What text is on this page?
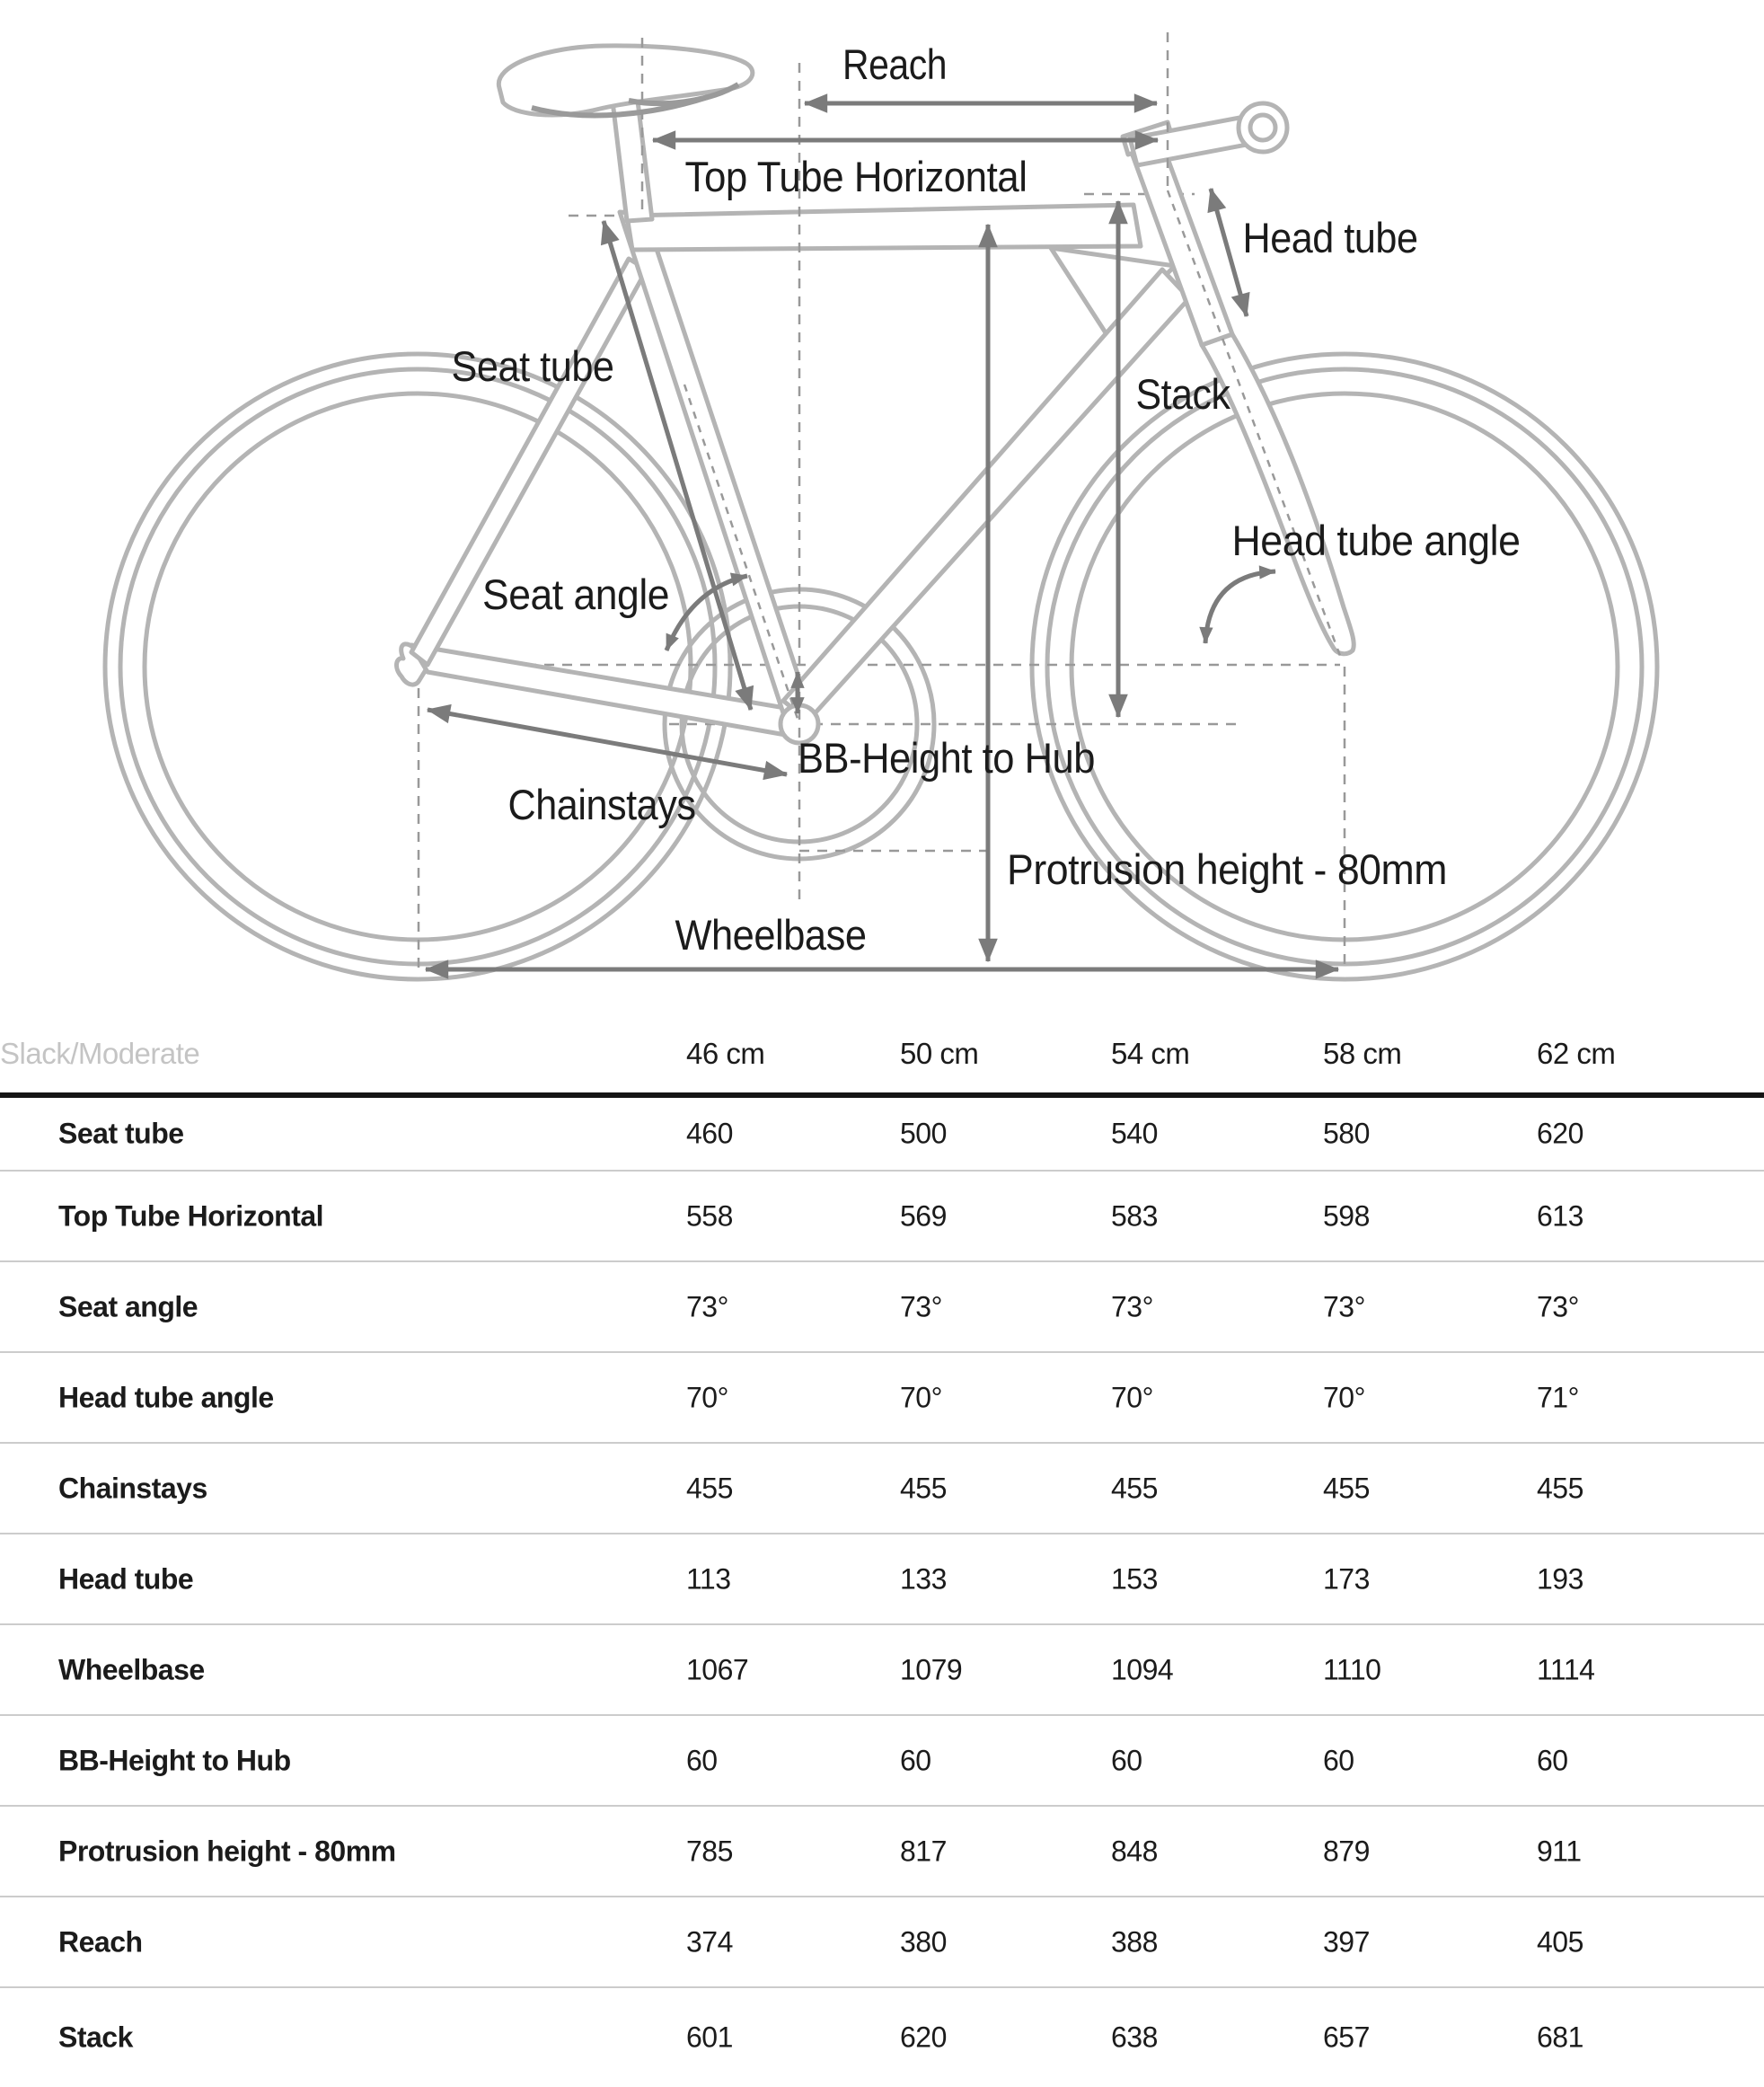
Reach
Top Tube Horizontal
Head tube
Seat tube
Stack
Head tube angle
Seat angle
BB-Height to Hub
Chainstays
Protrusion height - 80mm
Wheelbase
Slack/Moderate	46 cm	50 cm	54 cm	58 cm	62 cm
Seat tube	460	500	540	580	620
Top Tube Horizontal	558	569	583	598	613
Seat angle	73°	73°	73°	73°	73°
Head tube angle	70°	70°	70°	70°	71°
Chainstays	455	455	455	455	455
Head tube	113	133	153	173	193
Wheelbase	1067	1079	1094	1110	1114
BB-Height to Hub	60	60	60	60	60
Protrusion height - 80mm	785	817	848	879	911
Reach	374	380	388	397	405
Stack	601	620	638	657	681
